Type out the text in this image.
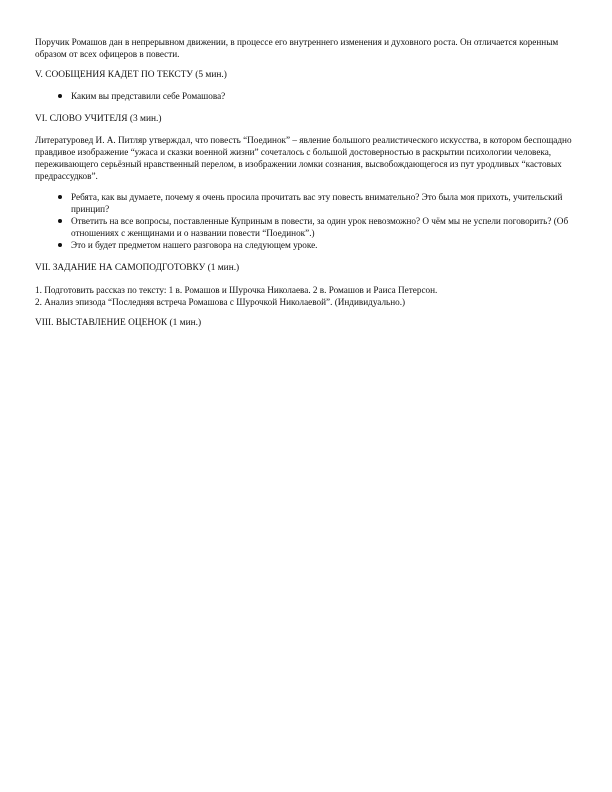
Поручик Ромашов дан в непрерывном движении, в процессе его внутреннего изменения и духовного роста. Он отличается коренным образом от всех офицеров в повести.

V. СООБЩЕНИЯ КАДЕТ ПО ТЕКСТУ (5 мин.)

Каким вы представили себе Ромашова?

VI. СЛОВО УЧИТЕЛЯ (3 мин.)

Литературовед И. А. Питляр утверждал, что повесть “Поединок” – явление большого реалистического искусства, в котором беспощадно правдивое изображение “ужаса и сказки военной жизни” сочеталось с большой достоверностью в раскрытии психологии человека, переживающего серьёзный нравственный перелом, в изображении ломки сознания, высвобождающегося из пут уродливых “кастовых предрассудков”.

Ребята, как вы думаете, почему я очень просила прочитать вас эту повесть внимательно? Это была моя прихоть, учительский принцип?
Ответить на все вопросы, поставленные Куприным в повести, за один урок невозможно? О чём мы не успели поговорить? (Об отношениях с женщинами и о названии повести “Поединок”.)
Это и будет предметом нашего разговора на следующем уроке.

VII. ЗАДАНИЕ НА САМОПОДГОТОВКУ (1 мин.)

1. Подготовить рассказ по тексту: 1 в. Ромашов и Шурочка Николаева. 2 в. Ромашов и Раиса Петерсон.

2. Анализ эпизода “Последняя встреча Ромашова с Шурочкой Николаевой”. (Индивидуально.)

VIII. ВЫСТАВЛЕНИЕ ОЦЕНОК (1 мин.)
